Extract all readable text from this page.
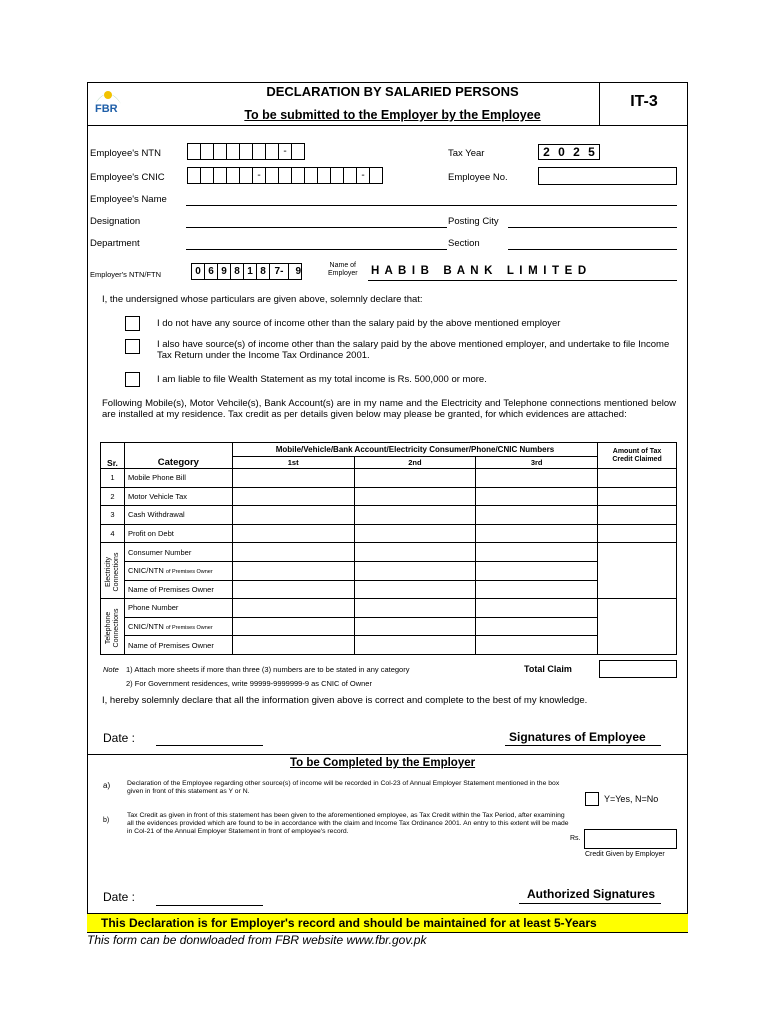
FBR
DECLARATION BY SALARIED PERSONS
To be submitted to the Employer by the Employee
IT-3
Employee's NTN	-	Tax Year	2 0 2 5
Employee's CNIC	-	-	Employee No.
Employee's Name
Designation	Posting City
Department	Section
Employer's NTN/FTN	0 6 9 8 1 8 7-	9
Name of
Employer H A B I B   B A N K   L I M I T E D
I, the undersigned whose particulars are given above, solemnly declare that:
I do not have any source of income other than the salary paid by the above mentioned employer
I also have source(s) of income other than the salary paid by the above mentioned employer, and undertake to file Income Tax Return under the Income Tax Ordinance 2001.
I am liable to file Wealth Statement as my total income is Rs. 500,000 or more.
Following Mobile(s), Motor Vehcile(s), Bank Account(s) are in my name and the Electricity and Telephone connections mentioned below are installed at my residence. Tax credit as per details given below may please be granted, for which evidences are attached:
Sr.	Category	Mobile/Vehicle/Bank Account/Electricity Consumer/Phone/CNIC Numbers			Amount of Tax
Credit Claimed

		1st	2nd	3rd	
1	Mobile Phone Bill				
2	Motor Vehicle Tax				
3	Cash Withdrawal				
4	Profit on Debt				

Electricity Connections	Consumer Number				
	CNIC/NTN of Premises Owner				
	Name of Premises Owner				

Telephone Connections	Phone Number				
	CNIC/NTN of Premises Owner				
	Name of Premises Owner				
Note 1) Attach more sheets if more than three (3) numbers are to be stated in any category
2) For Government residences, write 99999-9999999-9 as CNIC of Owner
Total Claim
I, hereby solemnly declare that all the information given above is correct and complete to the best of my knowledge.
Date :	Signatures of Employee
To be Completed by the Employer
a) Declaration of the Employee regarding other source(s) of income will be recorded in Col-23 of Annual Employer Statement mentioned in the box given in front of this statement as Y or N.
Y=Yes, N=No
b)
Tax Credit as given in front of this statement has been given to the aforementioned employee, as Tax Credit within the Tax Period, after examining all the evidences provided which are found to be in accordance with the claim and Income Tax Ordinance 2001. An entry to this extent will be made in Col-21 of the Annual Employer Statement in front of employee's record.
Rs.
Credit Given by Employer
Date :	Authorized Signatures
This Declaration is for Employer's record and should be maintained for at least 5-Years
This form can be donwloaded from FBR website www.fbr.gov.pk
